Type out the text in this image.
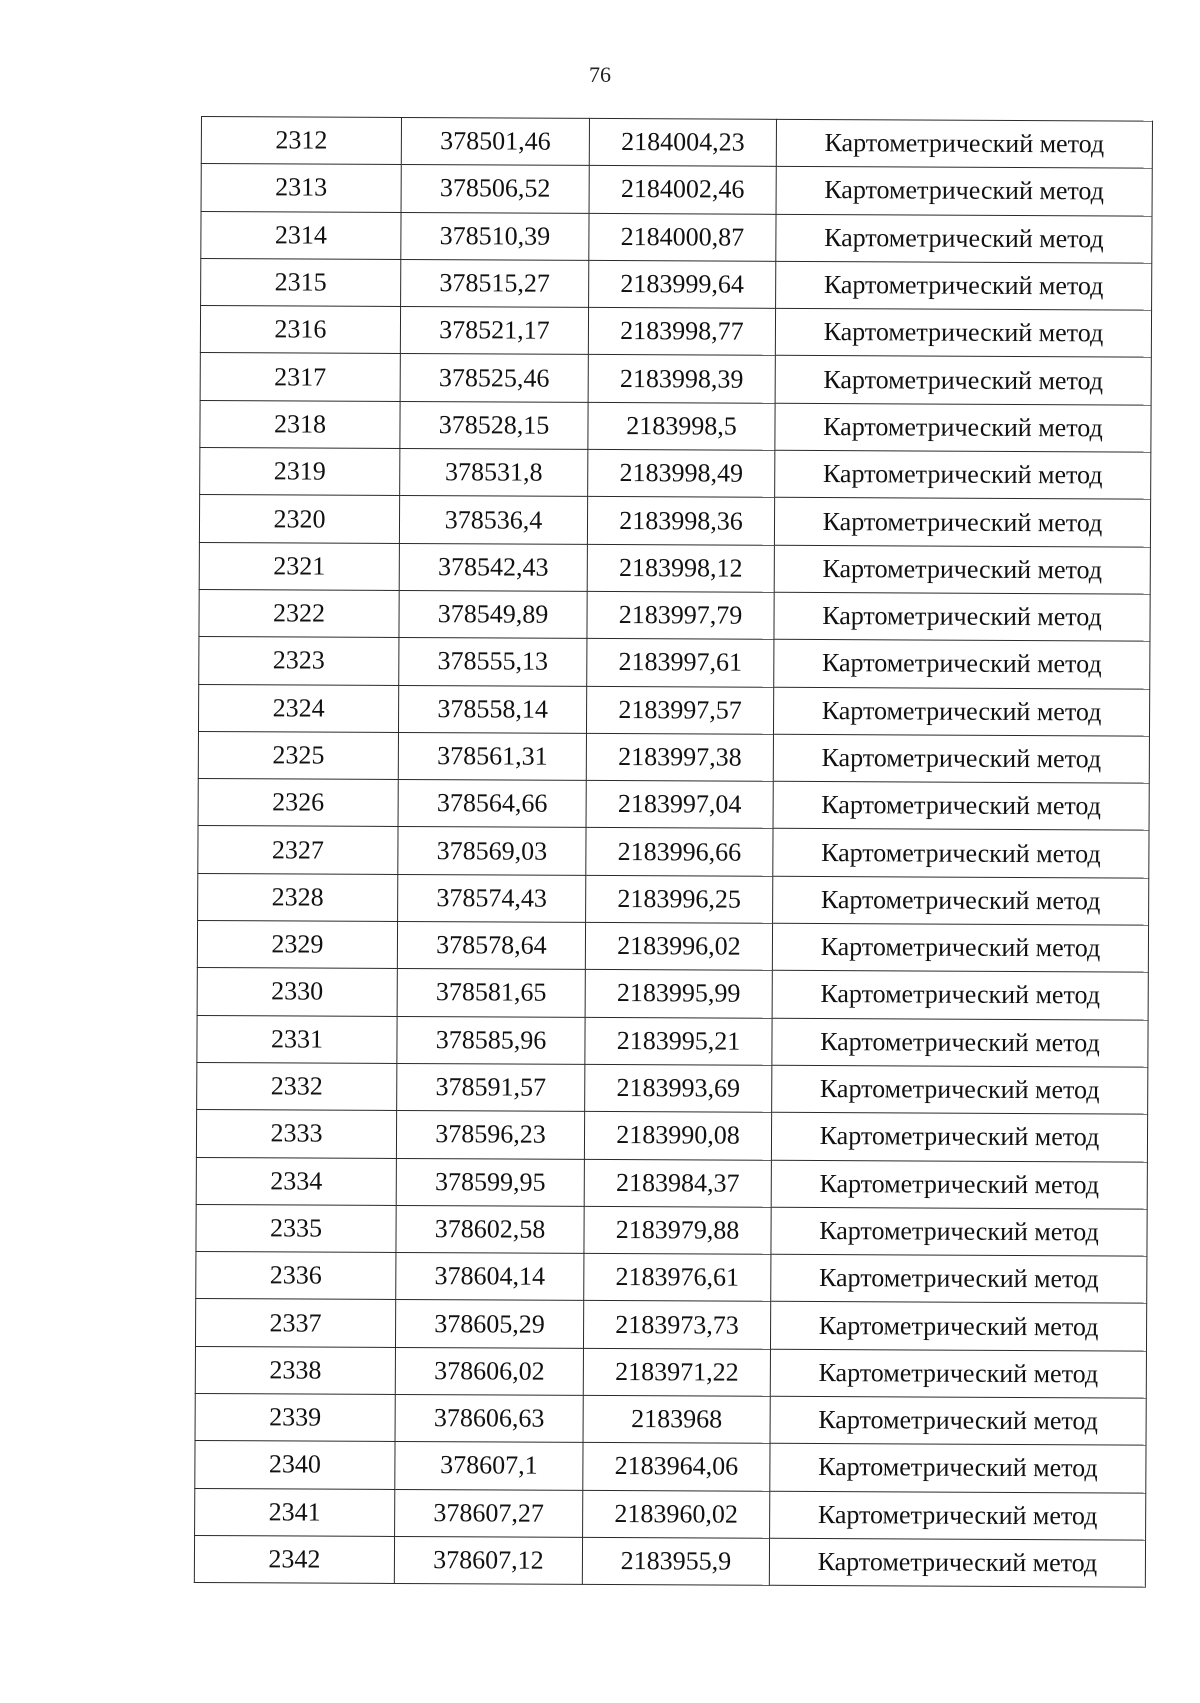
76
2312	378501,46	2184004,23	Картометрический метод
2313	378506,52	2184002,46	Картометрический метод
2314	378510,39	2184000,87	Картометрический метод
2315	378515,27	2183999,64	Картометрический метод
2316	378521,17	2183998,77	Картометрический метод
2317	378525,46	2183998,39	Картометрический метод
2318	378528,15	2183998,5	Картометрический метод
2319	378531,8	2183998,49	Картометрический метод
2320	378536,4	2183998,36	Картометрический метод
2321	378542,43	2183998,12	Картометрический метод
2322	378549,89	2183997,79	Картометрический метод
2323	378555,13	2183997,61	Картометрический метод
2324	378558,14	2183997,57	Картометрический метод
2325	378561,31	2183997,38	Картометрический метод
2326	378564,66	2183997,04	Картометрический метод
2327	378569,03	2183996,66	Картометрический метод
2328	378574,43	2183996,25	Картометрический метод
2329	378578,64	2183996,02	Картометрический метод
2330	378581,65	2183995,99	Картометрический метод
2331	378585,96	2183995,21	Картометрический метод
2332	378591,57	2183993,69	Картометрический метод
2333	378596,23	2183990,08	Картометрический метод
2334	378599,95	2183984,37	Картометрический метод
2335	378602,58	2183979,88	Картометрический метод
2336	378604,14	2183976,61	Картометрический метод
2337	378605,29	2183973,73	Картометрический метод
2338	378606,02	2183971,22	Картометрический метод
2339	378606,63	2183968	Картометрический метод
2340	378607,1	2183964,06	Картометрический метод
2341	378607,27	2183960,02	Картометрический метод
2342	378607,12	2183955,9	Картометрический метод
